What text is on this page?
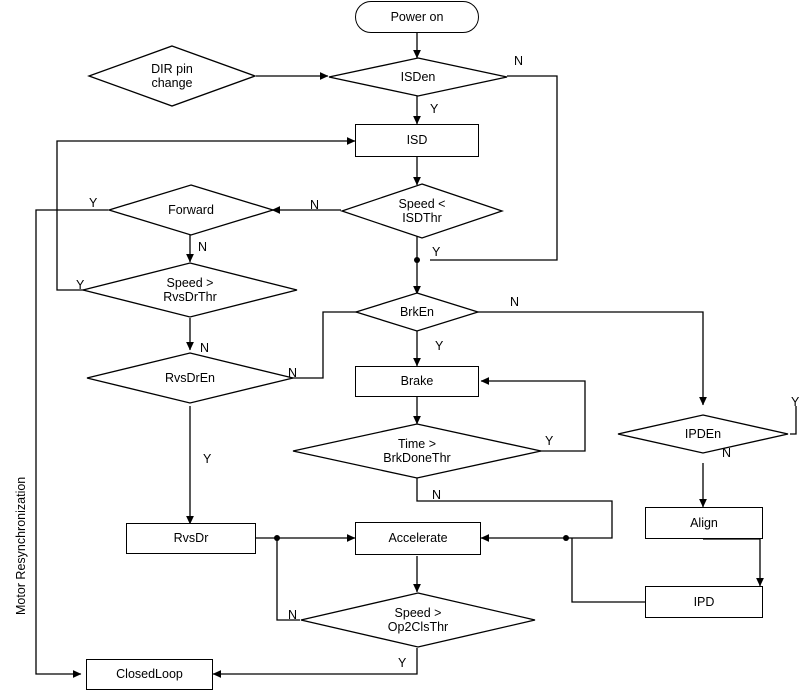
Power on
DIR pin
change	ISDen
ISD
Speed <
ISDThr
Forward
Speed >
RvsDrThr
RvsDrEn
BrkEn
Brake
Time >
BrkDoneThr
IPDEn
Align
IPD
RvsDr	Accelerate
Speed >
Op2ClsThr
ClosedLoop
N
Y
N
Y
Y
N
Y
N
N
Y
N
Y
Y
N
Y
N
N
Y
Motor Resynchronization
